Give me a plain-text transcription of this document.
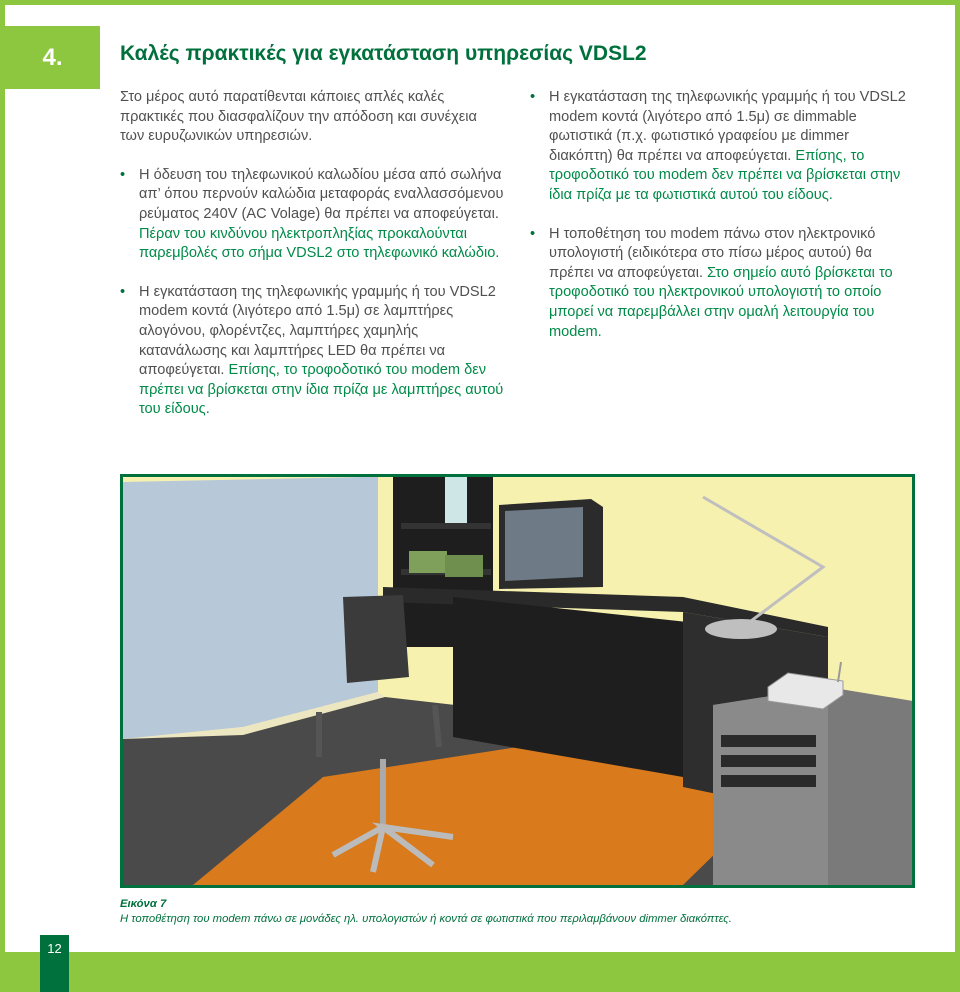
4.	Καλές πρακτικές για εγκατάσταση υπηρεσίας VDSL2

Στο μέρος αυτό παρατίθενται κάποιες απλές καλές πρακτικές που διασφαλίζουν την απόδοση και συνέχεια των ευρυζωνικών υπηρεσιών.

• Η όδευση του τηλεφωνικού καλωδίου μέσα από σωλήνα απ’ όπου περνούν καλώδια μεταφοράς εναλλασσόμενου ρεύματος 240V (AC Volage) θα πρέπει να αποφεύγεται. Πέραν του κινδύνου ηλεκτροπληξίας προκαλούνται παρεμβολές στο σήμα VDSL2 στο τηλεφωνικό καλώδιο.
• Η εγκατάσταση της τηλεφωνικής γραμμής ή του VDSL2 modem κοντά (λιγότερο από 1.5μ) σε λαμπτήρες αλογόνου, φλορέντζες, λαμπτήρες χαμηλής κατανάλωσης και λαμπτήρες LED θα πρέπει να αποφεύγεται. Επίσης, το τροφοδοτικό του modem δεν πρέπει να βρίσκεται στην ίδια πρίζα με λαμπτήρες αυτού του είδους.
• Η εγκατάσταση της τηλεφωνικής γραμμής ή του VDSL2 modem κοντά (λιγότερο από 1.5μ) σε dimmable φωτιστικά (π.χ. φωτιστικό γραφείου με dimmer διακόπτη) θα πρέπει να αποφεύγεται. Επίσης, το τροφοδοτικό του modem δεν πρέπει να βρίσκεται στην ίδια πρίζα με τα φωτιστικά αυτού του είδους.
• Η τοποθέτηση του modem πάνω στον ηλεκτρονικό υπολογιστή (ειδικότερα στο πίσω μέρος αυτού) θα πρέπει να αποφεύγεται. Στο σημείο αυτό βρίσκεται το τροφοδοτικό του ηλεκτρονικού υπολογιστή το οποίο μπορεί να παρεμβάλλει στην ομαλή λειτουργία του modem.
Εικόνα 7
Η τοποθέτηση του modem πάνω σε μονάδες ηλ. υπολογιστών ή κοντά σε φωτιστικά που περιλαμβάνουν dimmer διακόπτες.
12
